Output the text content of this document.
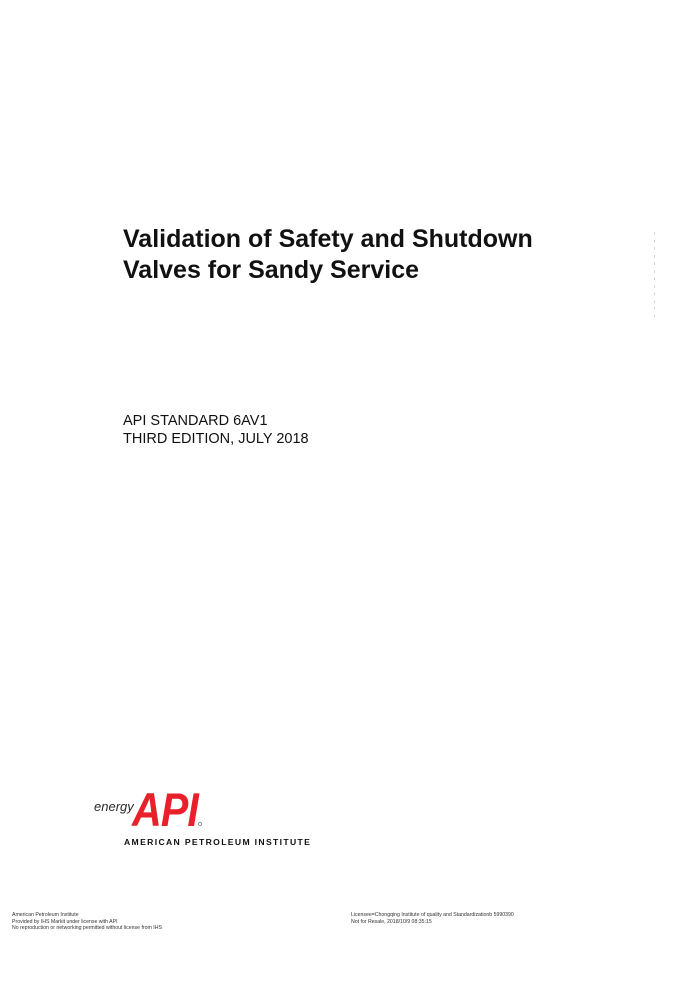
Validation of Safety and Shutdown
Valves for Sandy Service
API STANDARD 6AV1
THIRD EDITION, JULY 2018
energy
API
AMERICAN PETROLEUM INSTITUTE
American Petroleum Institute
Provided by IHS Markit under license with API
No reproduction or networking permitted without license from IHS
Licensee=Chongqing Institute of quality and Standardizationb 5990390
Not for Resale, 2018/10/9 08:35:15
